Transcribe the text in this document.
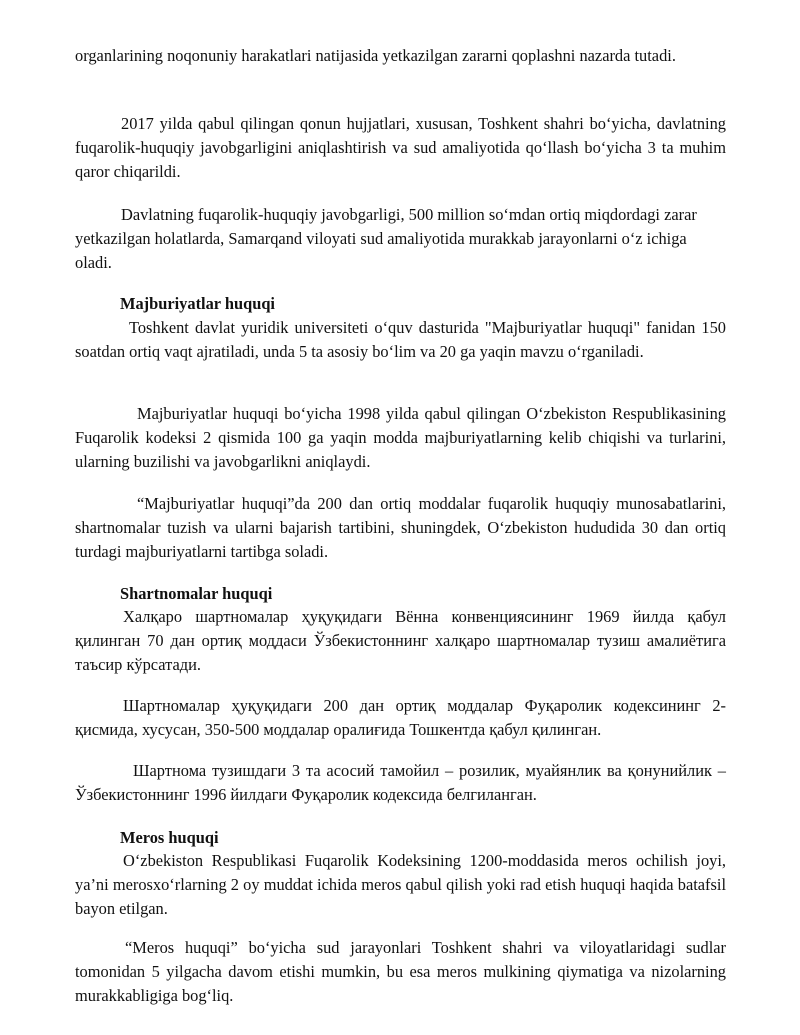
organlarining noqonuniy harakatlari natijasida yetkazilgan zararni qoplashni nazarda tutadi.

2017 yilda qabul qilingan qonun hujjatlari, xususan, Toshkent shahri bo‘yicha, davlatning fuqarolik-huquqiy javobgarligini aniqlashtirish va sud amaliyotida qo‘llash bo‘yicha 3 ta muhim qaror chiqarildi.

Davlatning fuqarolik-huquqiy javobgarligi, 500 million so‘mdan ortiq miqdordagi zarar yetkazilgan holatlarda, Samarqand viloyati sud amaliyotida murakkab jarayonlarni o‘z ichiga oladi.

Majburiyatlar huquqi

Toshkent davlat yuridik universiteti o‘quv dasturida "Majburiyatlar huquqi" fanidan 150 soatdan ortiq vaqt ajratiladi, unda 5 ta asosiy bo‘lim va 20 ga yaqin mavzu o‘rganiladi.

Majburiyatlar huquqi bo‘yicha 1998 yilda qabul qilingan O‘zbekiston Respublikasining Fuqarolik kodeksi 2 qismida 100 ga yaqin modda majburiyatlarning kelib chiqishi va turlarini, ularning buzilishi va javobgarlikni aniqlaydi.

“Majburiyatlar huquqi”da 200 dan ortiq moddalar fuqarolik huquqiy munosabatlarini, shartnomalar tuzish va ularni bajarish tartibini, shuningdek, O‘zbekiston hududida 30 dan ortiq turdagi majburiyatlarni tartibga soladi.

Shartnomalar huquqi

Халқаро шартномалар ҳуқуқидаги Вённа конвенциясининг 1969 йилда қабул қилинган 70 дан ортиқ моддаси Ўзбекистоннинг халқаро шартномалар тузиш амалиётига таъсир кўрсатади.

Шартномалар ҳуқуқидаги 200 дан ортиқ моддалар Фуқаролик кодексининг 2-қисмида, хусусан, 350-500 моддалар оралиғида Тошкентда қабул қилинган.

Шартнома тузишдаги 3 та асосий тамойил – розилик, муайянлик ва қонунийлик – Ўзбекистоннинг 1996 йилдаги Фуқаролик кодексида белгиланган.

Meros huquqi

O‘zbekiston Respublikasi Fuqarolik Kodeksining 1200-moddasida meros ochilish joyi, ya’ni merosxo‘rlarning 2 oy muddat ichida meros qabul qilish yoki rad etish huquqi haqida batafsil bayon etilgan.

“Meros huquqi” bo‘yicha sud jarayonlari Toshkent shahri va viloyatlaridagi sudlar tomonidan 5 yilgacha davom etishi mumkin, bu esa meros mulkining qiymatiga va nizolarning murakkabligiga bog‘liq.
